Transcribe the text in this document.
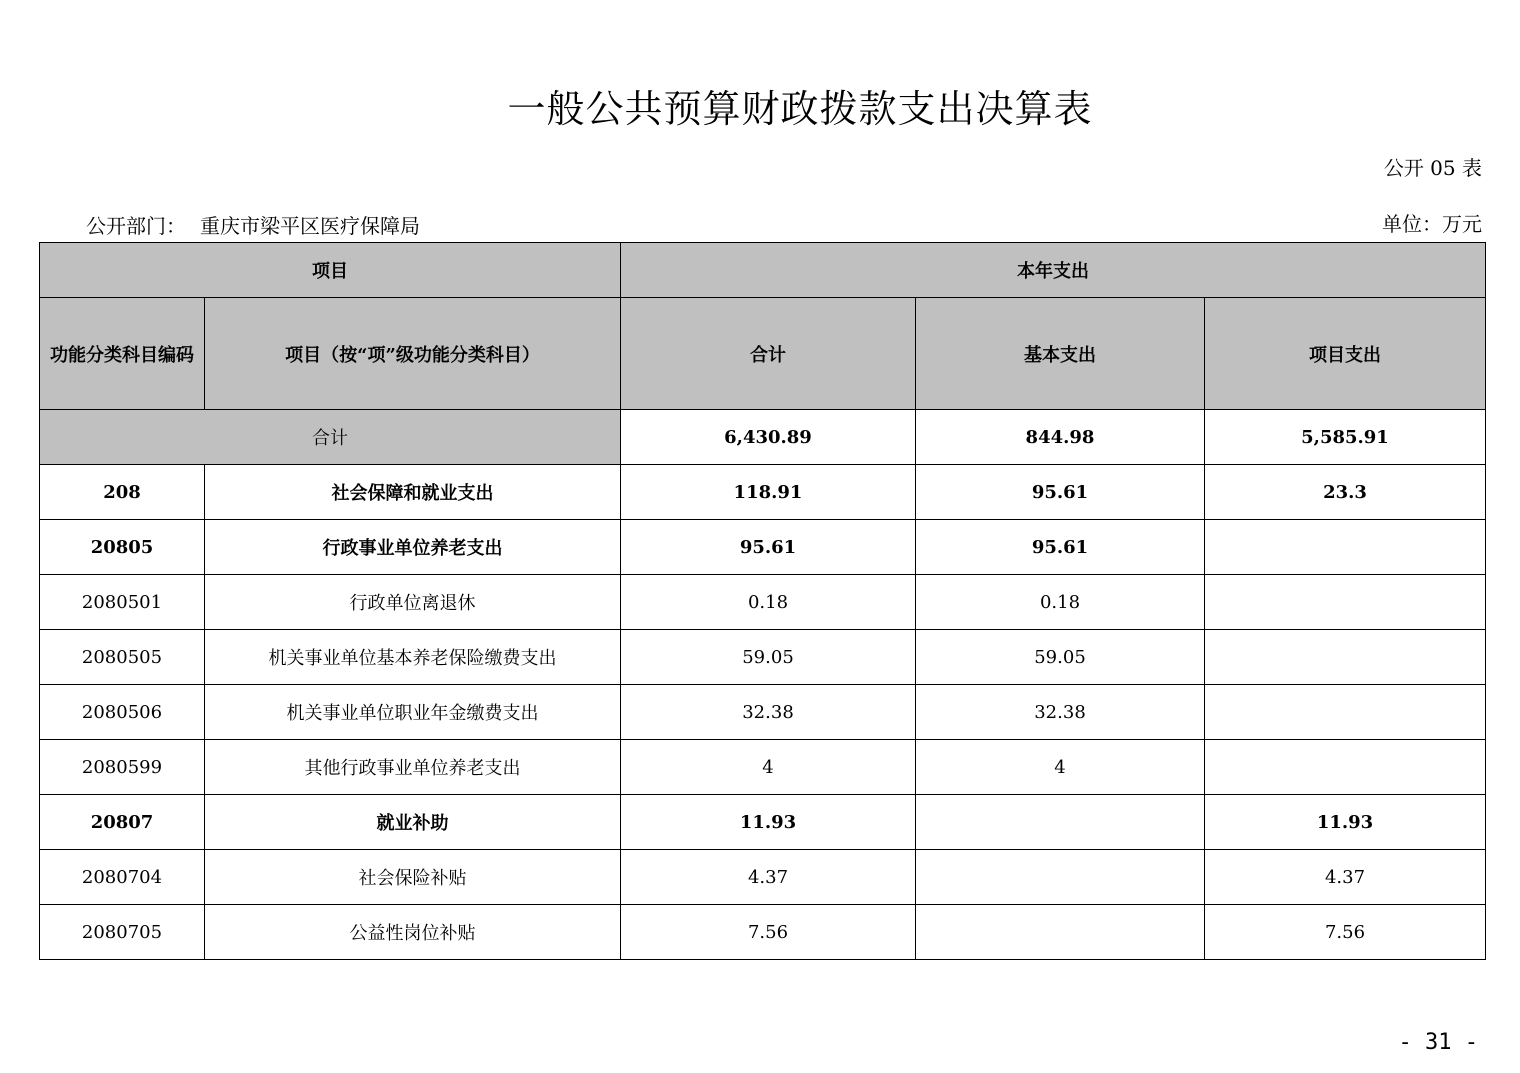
一般公共预算财政拨款支出决算表
公开 05 表
公开部门： 重庆市梁平区医疗保障局	单位：万元
项目		本年支出		
功能分类科目编码	项目（按“项”级功能分类科目）	合计	基本支出	项目支出
合计		6,430.89	844.98	5,585.91
208	社会保障和就业支出	118.91	95.61	23.3
20805	行政事业单位养老支出	95.61	95.61	
2080501	行政单位离退休	0.18	0.18	
2080505	机关事业单位基本养老保险缴费支出	59.05	59.05	
2080506	机关事业单位职业年金缴费支出	32.38	32.38	
2080599	其他行政事业单位养老支出	4	4	
20807	就业补助	11.93		11.93
2080704	社会保险补贴	4.37		4.37
2080705	公益性岗位补贴	7.56		7.56
- 31 -
